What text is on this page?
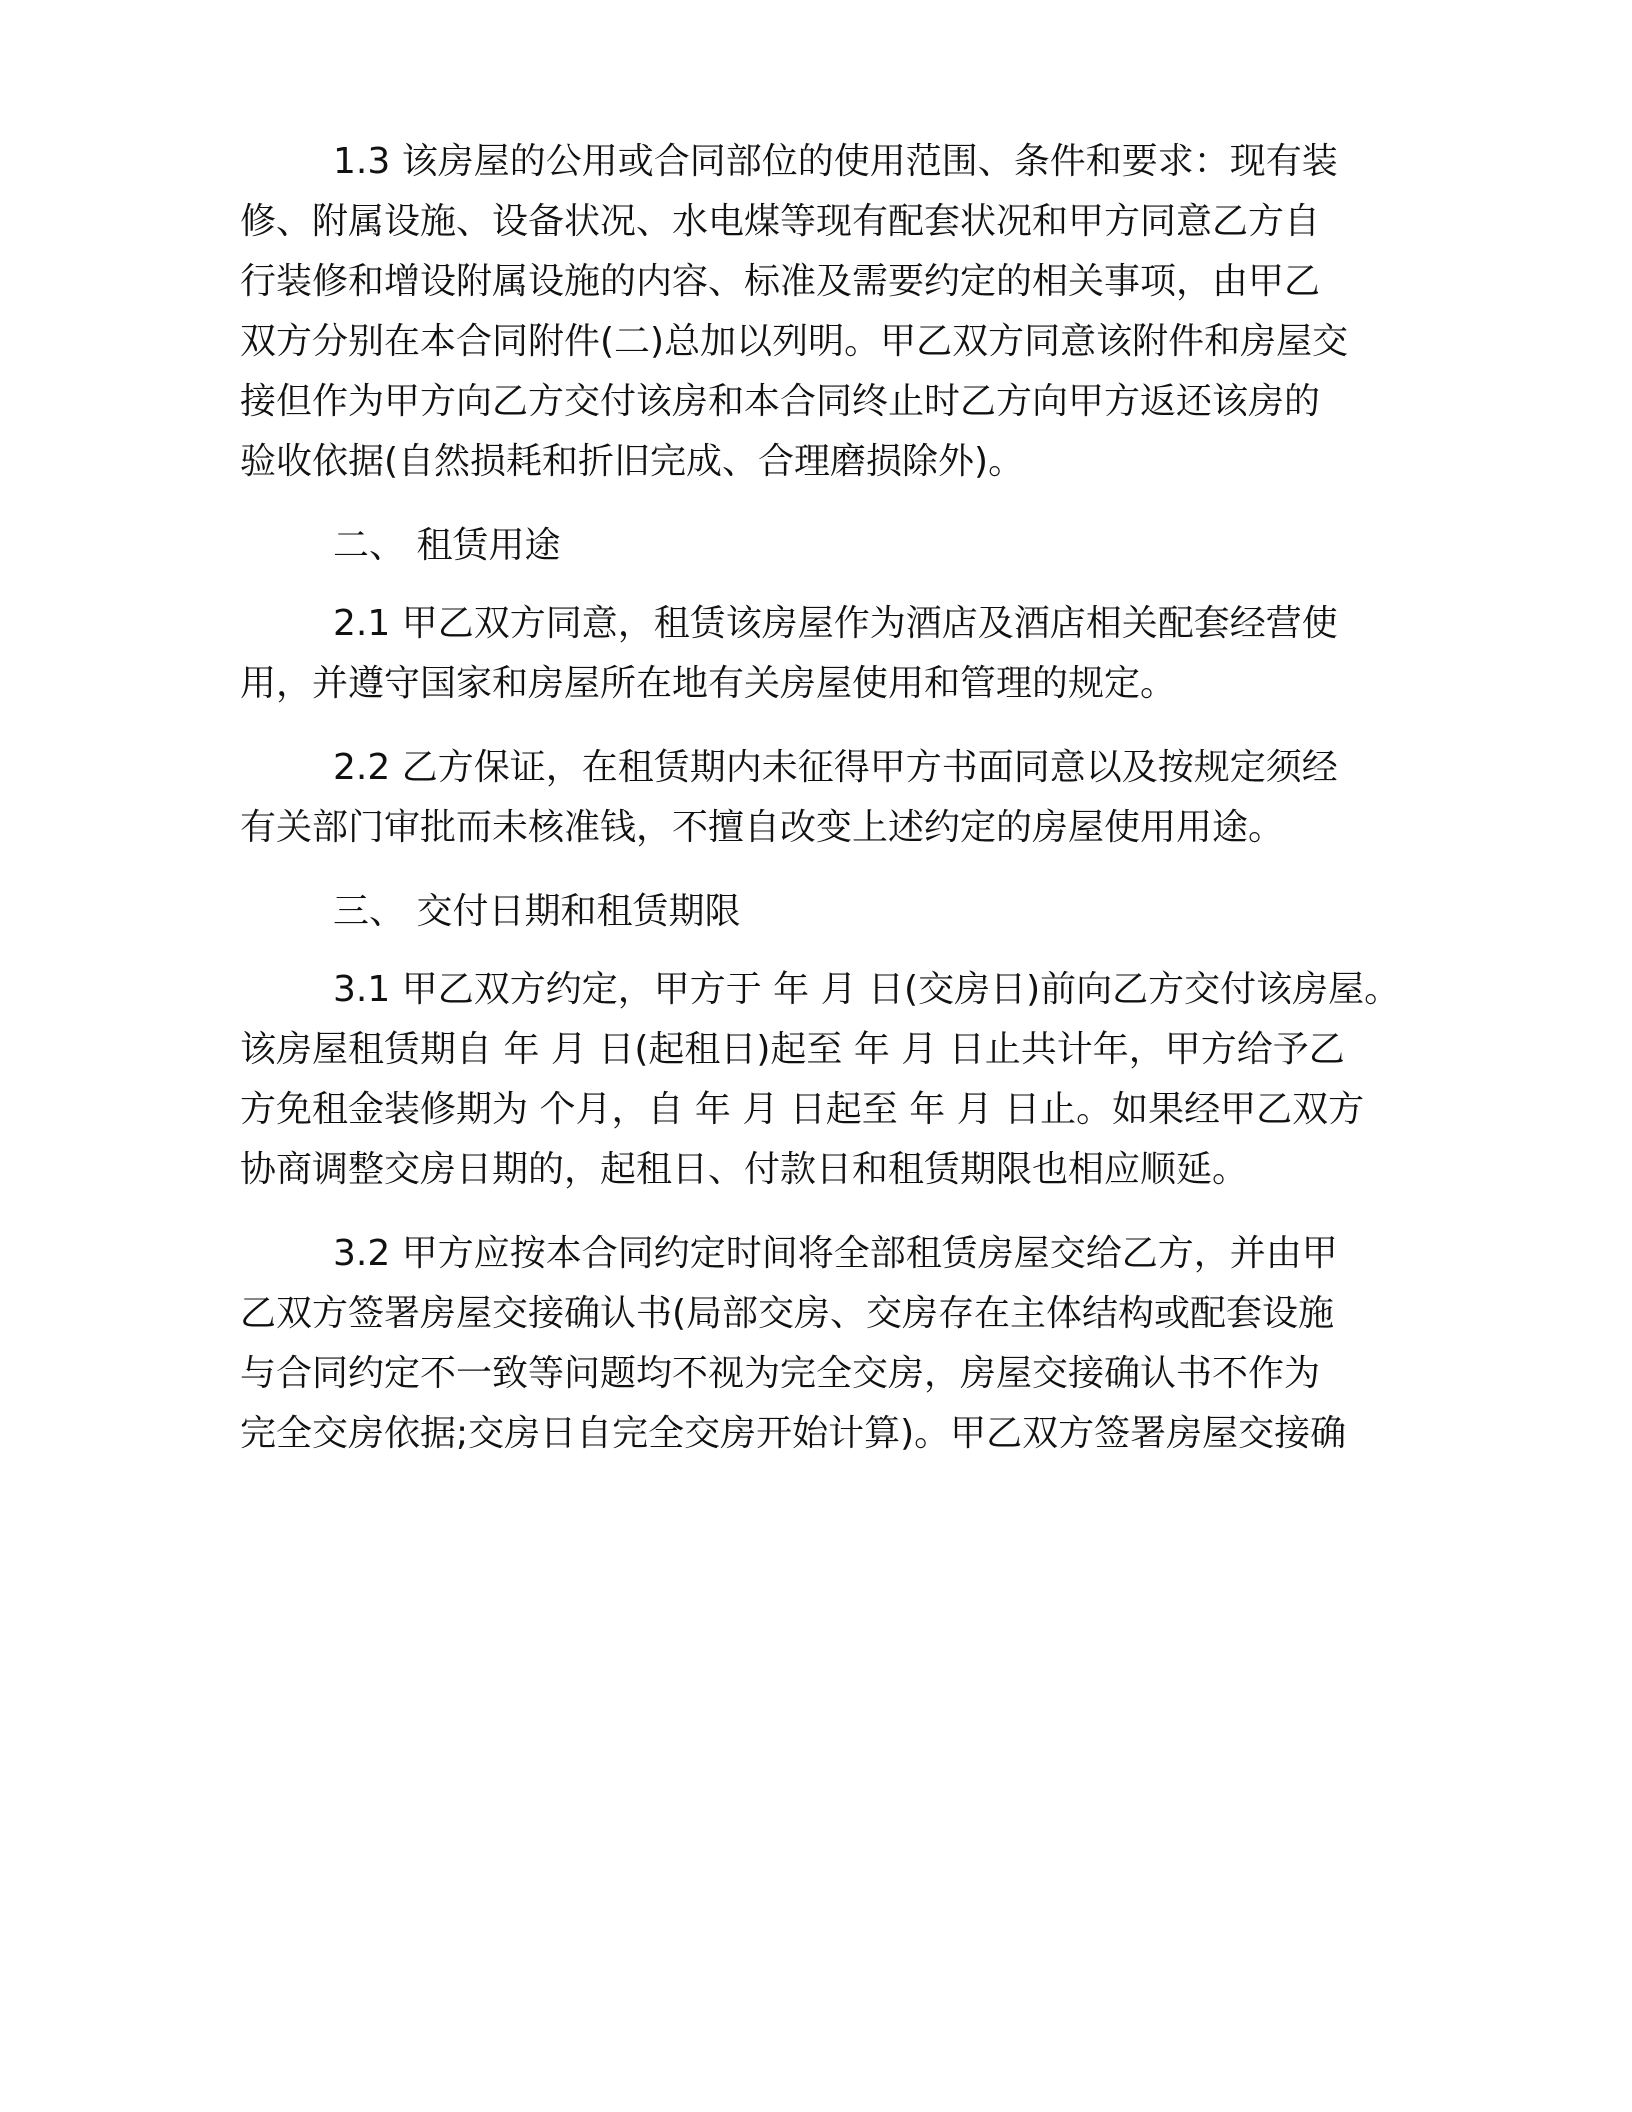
1.3 该房屋的公用或合同部位的使用范围、条件和要求：现有装
修、附属设施、设备状况、水电煤等现有配套状况和甲方同意乙方自
行装修和增设附属设施的内容、标准及需要约定的相关事项，由甲乙
双方分别在本合同附件(二)总加以列明。甲乙双方同意该附件和房屋交
接但作为甲方向乙方交付该房和本合同终止时乙方向甲方返还该房的
验收依据(自然损耗和折旧完成、合理磨损除外)。
二、 租赁用途
2.1 甲乙双方同意，租赁该房屋作为酒店及酒店相关配套经营使
用，并遵守国家和房屋所在地有关房屋使用和管理的规定。
2.2 乙方保证，在租赁期内未征得甲方书面同意以及按规定须经
有关部门审批而未核准钱，不擅自改变上述约定的房屋使用用途。
三、 交付日期和租赁期限
3.1 甲乙双方约定，甲方于 年 月 日(交房日)前向乙方交付该房屋。
该房屋租赁期自 年 月 日(起租日)起至 年 月 日止共计年，甲方给予乙
方免租金装修期为 个月，自 年 月 日起至 年 月 日止。如果经甲乙双方
协商调整交房日期的，起租日、付款日和租赁期限也相应顺延。
3.2 甲方应按本合同约定时间将全部租赁房屋交给乙方，并由甲
乙双方签署房屋交接确认书(局部交房、交房存在主体结构或配套设施
与合同约定不一致等问题均不视为完全交房，房屋交接确认书不作为
完全交房依据;交房日自完全交房开始计算)。甲乙双方签署房屋交接确
